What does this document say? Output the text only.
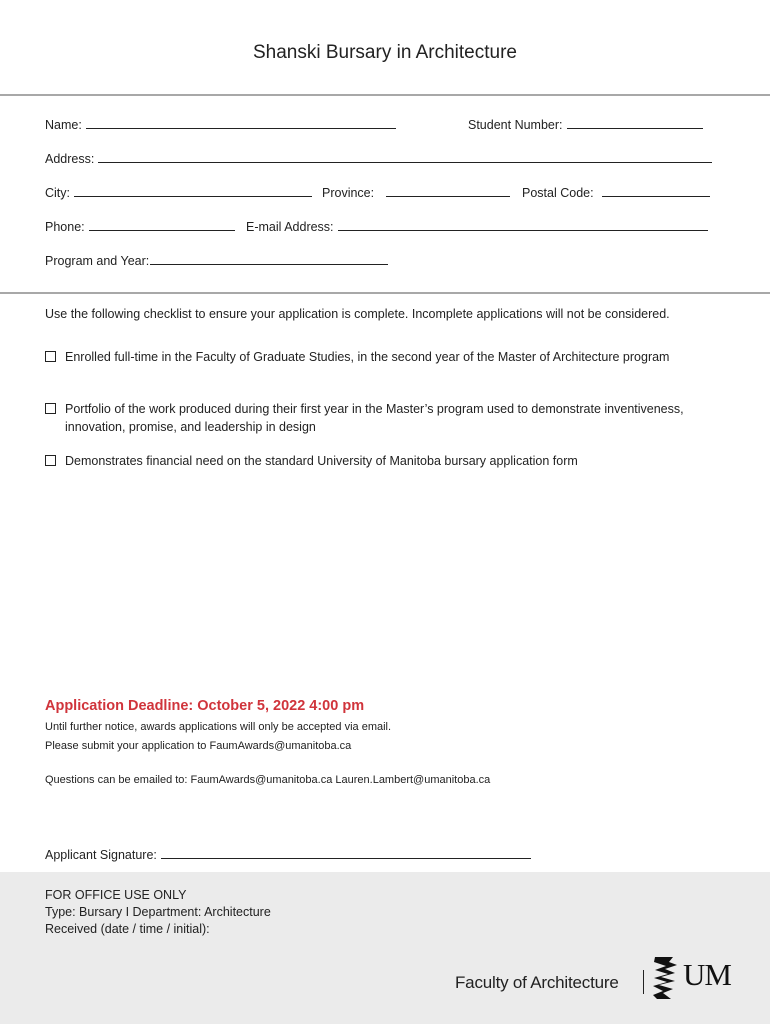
Shanski Bursary in Architecture
Name:	Student Number:
Address:
City:	Province:	Postal Code:
Phone:	E-mail Address:
Program and Year:
Use the following checklist to ensure your application is complete. Incomplete applications will not be considered.
Enrolled full-time in the Faculty of Graduate Studies, in the second year of the Master of Architecture program
Portfolio of the work produced during their first year in the Master’s program used to demonstrate inventiveness, innovation, promise, and leadership in design
Demonstrates financial need on the standard University of Manitoba bursary application form
Application Deadline: October 5, 2022 4:00 pm
Until further notice, awards applications will only be accepted via email.
Please submit your application to FaumAwards@umanitoba.ca
Questions can be emailed to: FaumAwards@umanitoba.ca Lauren.Lambert@umanitoba.ca
Applicant Signature:
FOR OFFICE USE ONLY
Type: Bursary I Department: Architecture
Received (date / time / initial):
Faculty of Architecture UM
